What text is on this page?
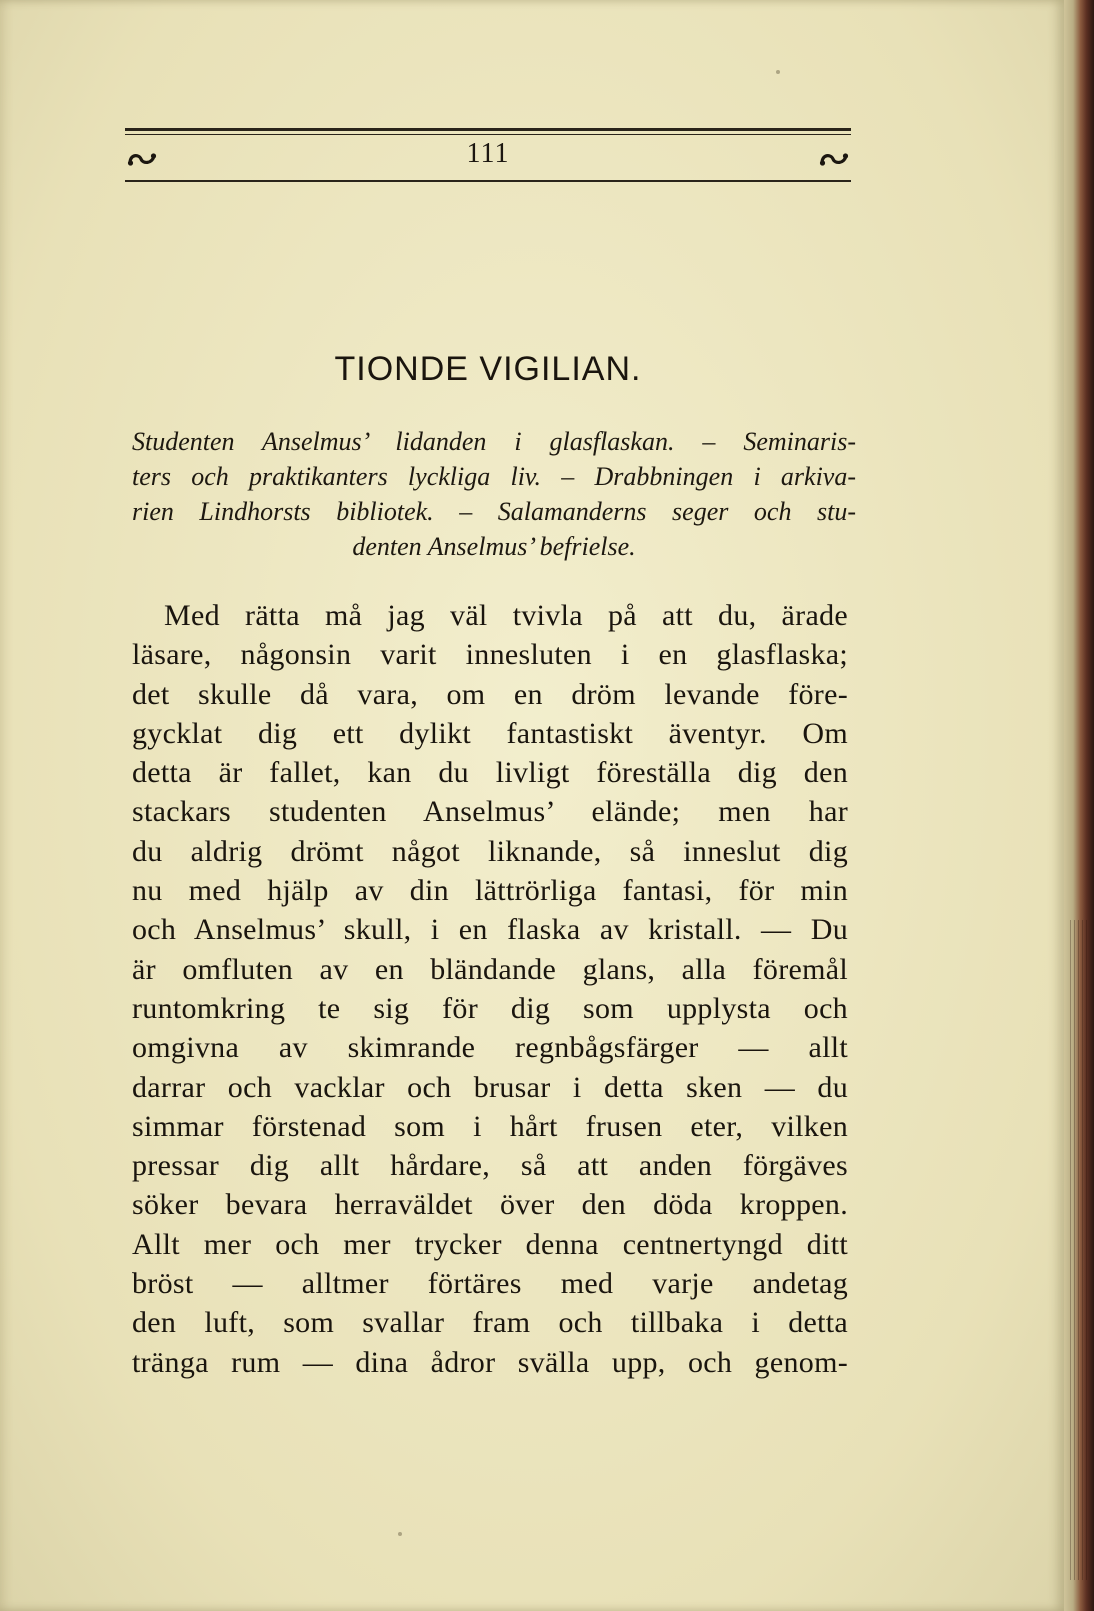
111
TIONDE VIGILIAN.
Studenten Anselmus’ lidanden i glasflaskan. – Seminaris-
ters och praktikanters lyckliga liv. – Drabbningen i arkiva-
rien Lindhorsts bibliotek. – Salamanderns seger och stu-
denten Anselmus’ befrielse.
Med rätta må jag väl tvivla på att du, ärade
läsare, någonsin varit innesluten i en glasflaska;
det skulle då vara, om en dröm levande före-
gycklat dig ett dylikt fantastiskt äventyr. Om
detta är fallet, kan du livligt föreställa dig den
stackars studenten Anselmus’ elände; men har
du aldrig drömt något liknande, så inneslut dig
nu med hjälp av din lättrörliga fantasi, för min
och Anselmus’ skull, i en flaska av kristall. — Du
är omfluten av en bländande glans, alla föremål
runtomkring te sig för dig som upplysta och
omgivna av skimrande regnbågsfärger — allt
darrar och vacklar och brusar i detta sken — du
simmar förstenad som i hårt frusen eter, vilken
pressar dig allt hårdare, så att anden förgäves
söker bevara herraväldet över den döda kroppen.
Allt mer och mer trycker denna centnertyngd ditt
bröst — alltmer förtäres med varje andetag
den luft, som svallar fram och tillbaka i detta
tränga rum — dina ådror svälla upp, och genom-
